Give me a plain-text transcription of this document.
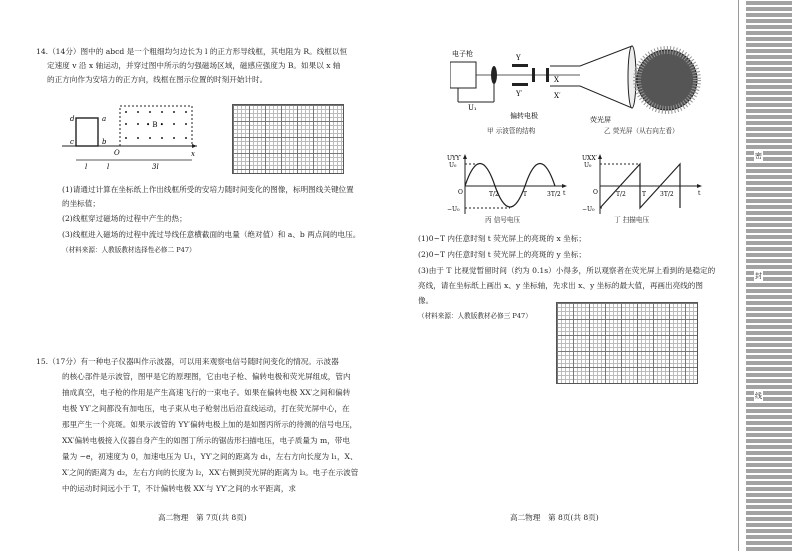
14.（14分）图中的 abcd 是一个粗细均匀边长为 l 的正方形导线框，其电阻为 R。线框以恒
定速度 v 沿 x 轴运动，并穿过图中所示的匀强磁场区域，磁感应强度为 B。如果以 x 轴
的正方向作为安培力的正方向，线框在图示位置的时刻开始计时。
• B •
d	a
c	b
x
O
l	l	3l
(1)请通过计算在坐标纸上作出线框所受的安培力随时间变化的图像，标明图线关键位置
的坐标值；
(2)线框穿过磁场的过程中产生的热；
(3)线框进入磁场的过程中流过导线任意横截面的电量（绝对值）和 a、b 两点间的电压。
（材料来源：人教版教材选择性必修二 P47）
15.（17分）有一种电子仪器叫作示波器，可以用来观察电信号随时间变化的情况。示波器
的核心部件是示波管，图甲是它的原理图，它由电子枪、偏转电极和荧光屏组成，管内
抽成真空，电子枪的作用是产生高速飞行的一束电子。如果在偏转电极 XX′之间和偏转
电极 YY′之间都没有加电压，电子束从电子枪射出后沿直线运动，打在荧光屏中心，在
那里产生一个亮斑。如果示波管的 YY′偏转电极上加的是如图丙所示的待测的信号电压，
XX′偏转电极接入仪器自身产生的如图丁所示的锯齿形扫描电压，电子质量为 m，带电
量为 −e，初速度为 0，加速电压为 U₁，YY′之间的距离为 d₁，左右方向长度为 l₁，X、
X′之间的距离为 d₂，左右方向的长度为 l₂，XX′右侧到荧光屏的距离为 l₃。电子在示波管
中的运动时间远小于 T，不计偏转电极 XX′与 YY′之间的水平距离，求
高二物理　第 7页(共 8页)
U₁
电子枪
偏转电极	荧光屏
X
X′
Y
Y′
甲 示波管的结构	乙 荧光屏（从右向左看）
UYY′
U₀
−U₀
O	T/2	T	3T/2 t
UXX′
U₀
−U₀
O	T/2	T 3T/2	t
丙 信号电压	丁 扫描电压
(1)0~T 内任意时刻 t 荧光屏上的亮斑的 x 坐标；
(2)0~T 内任意时刻 t 荧光屏上的亮斑的 y 坐标；
(3)由于 T 比视觉暂留时间（约为 0.1s）小得多，所以观察者在荧光屏上看到的是稳定的
亮线，请在坐标纸上画出 x、y 坐标轴，先求出 x、y 坐标的最大值，再画出亮线的图
像。
（材料来源：人教版教材必修三 P47）
高二物理　第 8页(共 8页)
密
封
线
